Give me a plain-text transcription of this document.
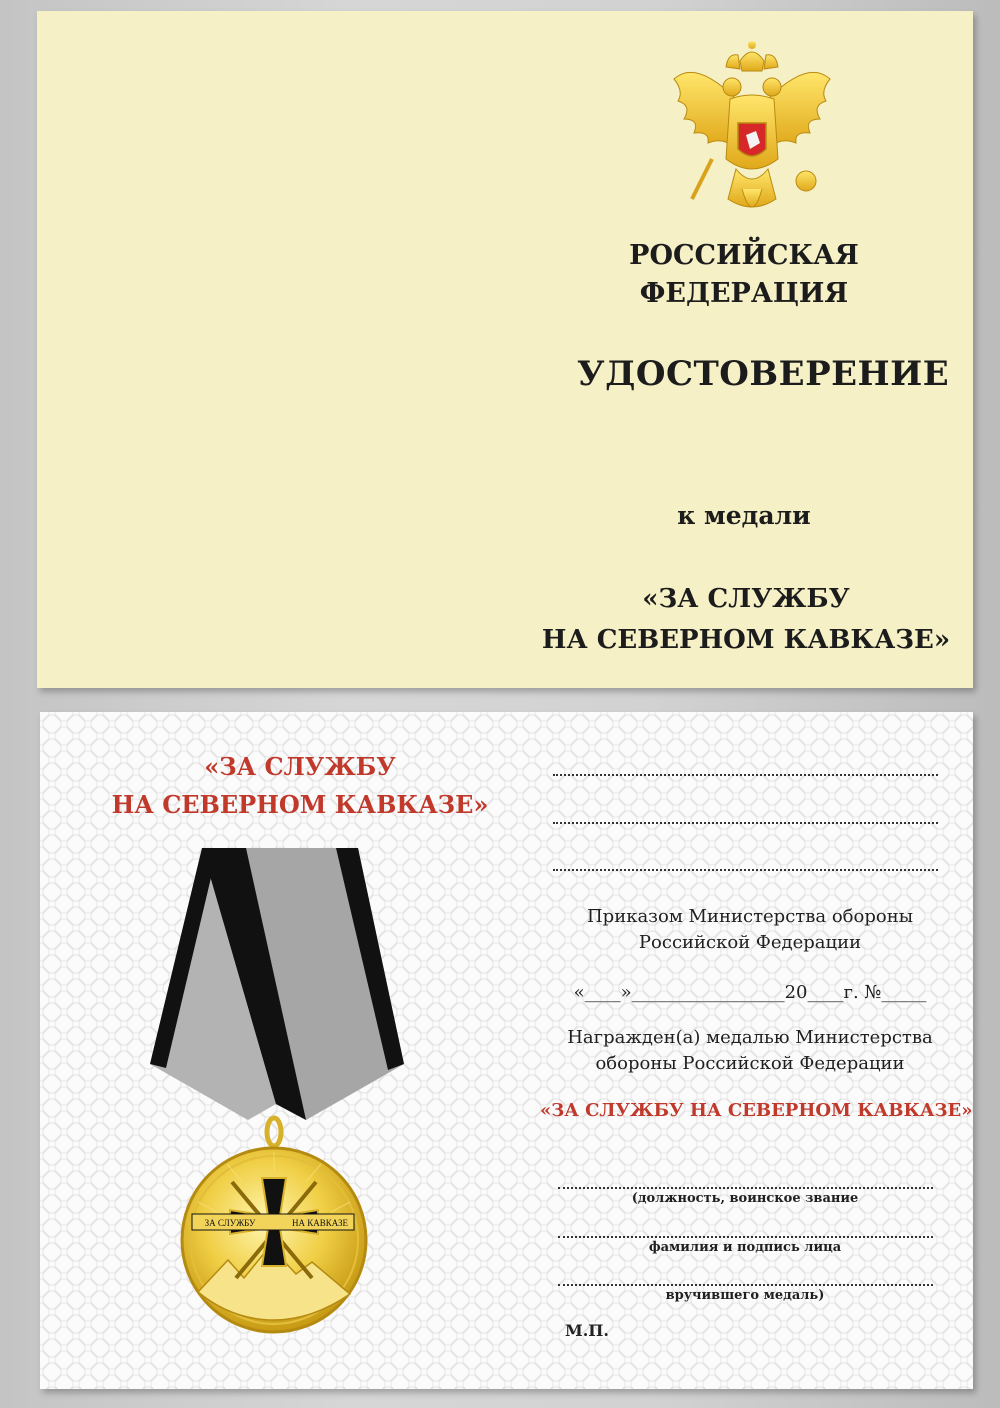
РОССИЙСКАЯ
ФЕДЕРАЦИЯ
УДОСТОВЕРЕНИЕ
к медали
«ЗА СЛУЖБУ
НА СЕВЕРНОМ КАВКАЗЕ»
«ЗА СЛУЖБУ
НА СЕВЕРНОМ КАВКАЗЕ»
ЗА СЛУЖБУ	НА КАВКАЗЕ
Приказом Министерства обороны
Российской Федерации
«____»_________________20____г. №_____
Награжден(а) медалью Министерства
обороны Российской Федерации
«ЗА СЛУЖБУ НА СЕВЕРНОМ КАВКАЗЕ»
(должность, воинское звание
фамилия и подпись лица
вручившего медаль)
М.П.
